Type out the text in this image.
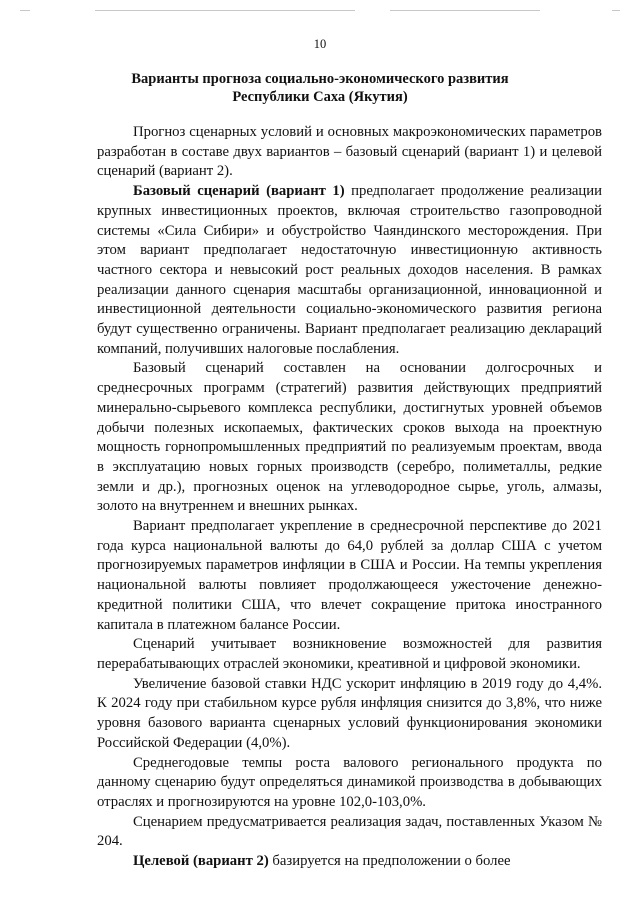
10
Варианты прогноза социально-экономического развития
Республики Саха (Якутия)

Прогноз сценарных условий и основных макроэкономических параметров разработан в составе двух вариантов – базовый сценарий (вариант 1) и целевой сценарий (вариант 2).

Базовый сценарий (вариант 1) предполагает продолжение реализации крупных инвестиционных проектов, включая строительство газопроводной системы «Сила Сибири» и обустройство Чаяндинского месторождения. При этом вариант предполагает недостаточную инвестиционную активность частного сектора и невысокий рост реальных доходов населения. В рамках реализации данного сценария масштабы организационной, инновационной и инвестиционной деятельности социально-экономического развития региона будут существенно ограничены. Вариант предполагает реализацию деклараций компаний, получивших налоговые послабления.

Базовый сценарий составлен на основании долгосрочных и среднесрочных программ (стратегий) развития действующих предприятий минерально-сырьевого комплекса республики, достигнутых уровней объемов добычи полезных ископаемых, фактических сроков выхода на проектную мощность горнопромышленных предприятий по реализуемым проектам, ввода в эксплуатацию новых горных производств (серебро, полиметаллы, редкие земли и др.), прогнозных оценок на углеводородное сырье, уголь, алмазы, золото на внутреннем и внешних рынках.

Вариант предполагает укрепление в среднесрочной перспективе до 2021 года курса национальной валюты до 64,0 рублей за доллар США с учетом прогнозируемых параметров инфляции в США и России. На темпы укрепления национальной валюты повлияет продолжающееся ужесточение денежно-кредитной политики США, что влечет сокращение притока иностранного капитала в платежном балансе России.

Сценарий учитывает возникновение возможностей для развития перерабатывающих отраслей экономики, креативной и цифровой экономики.

Увеличение базовой ставки НДС ускорит инфляцию в 2019 году до 4,4%. К 2024 году при стабильном курсе рубля инфляция снизится до 3,8%, что ниже уровня базового варианта сценарных условий функционирования экономики Российской Федерации (4,0%).

Среднегодовые темпы роста валового регионального продукта по данному сценарию будут определяться динамикой производства в добывающих отраслях и прогнозируются на уровне 102,0-103,0%.

Сценарием предусматривается реализация задач, поставленных Указом № 204.

Целевой (вариант 2) базируется на предположении о более
